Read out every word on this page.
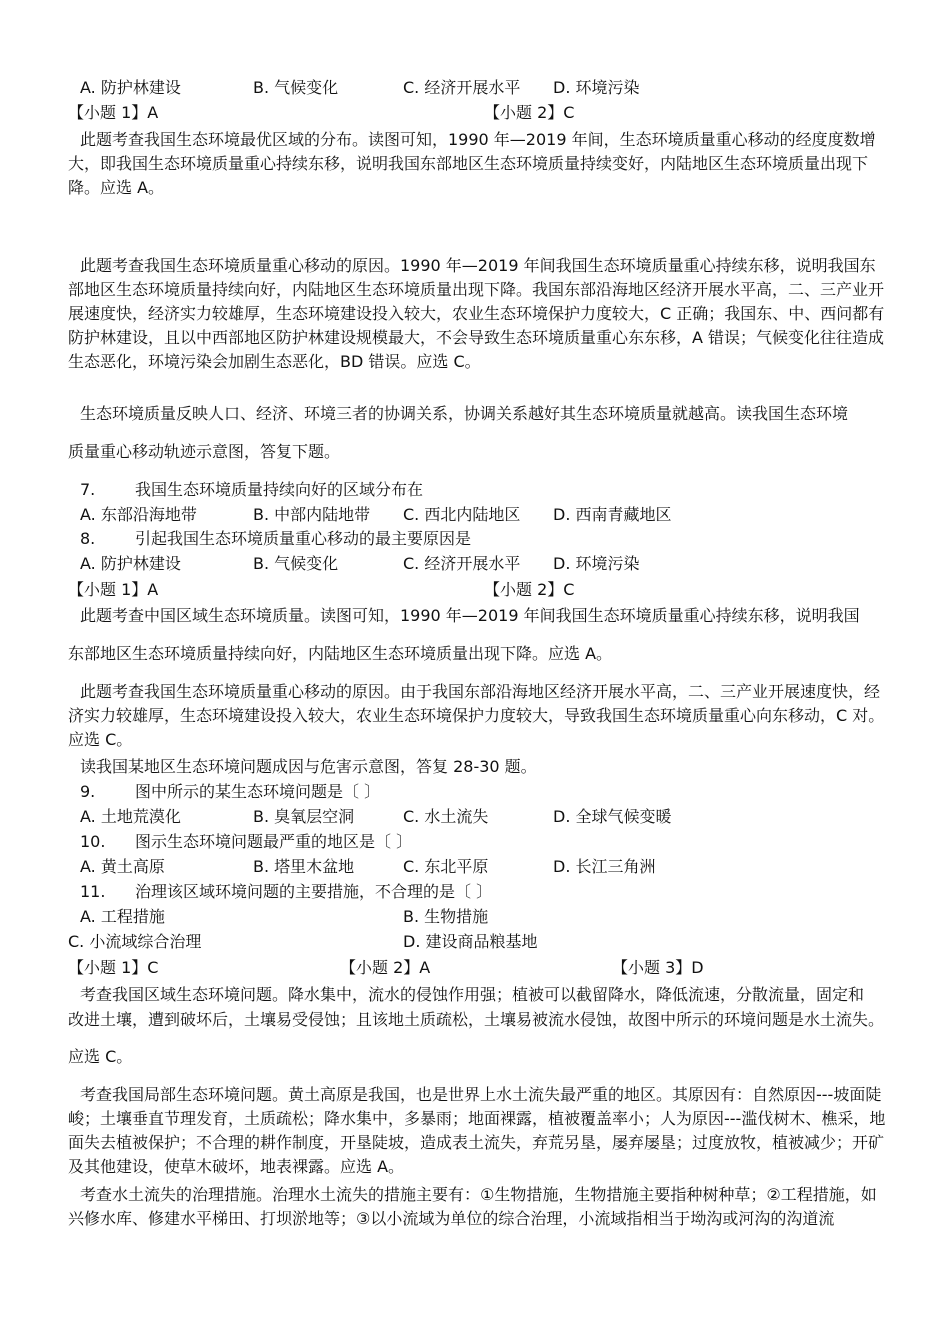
A. 防护林建设	B. 气候变化	C. 经济开展水平 D. 环境污染
【小题 1】A	【小题 2】C
此题考查我国生态环境最优区域的分布。读图可知，1990 年—2019 年间，生态环境质量重心移动的经度度数增大，即我国生态环境质量重心持续东移，说明我国东部地区生态环境质量持续变好，内陆地区生态环境质量出现下降。应选 A。
此题考查我国生态环境质量重心移动的原因。1990 年—2019 年间我国生态环境质量重心持续东移，说明我国东部地区生态环境质量持续向好，内陆地区生态环境质量出现下降。我国东部沿海地区经济开展水平高，二、三产业开展速度快，经济实力较雄厚，生态环境建设投入较大，农业生态环境保护力度较大，C 正确；我国东、中、西问都有防护林建设，且以中西部地区防护林建设规模最大，不会导致生态环境质量重心东东移，A 错误；气候变化往往造成生态恶化，环境污染会加剧生态恶化，BD 错误。应选 C。
生态环境质量反映人口、经济、环境三者的协调关系，协调关系越好其生态环境质量就越高。读我国生态环境
质量重心移动轨迹示意图，答复下题。
7. 我国生态环境质量持续向好的区域分布在
A. 东部沿海地带	B. 中部内陆地带 C. 西北内陆地区 D. 西南青藏地区
8. 引起我国生态环境质量重心移动的最主要原因是
A. 防护林建设	B. 气候变化	C. 经济开展水平 D. 环境污染
【小题 1】A	【小题 2】C
此题考查中国区域生态环境质量。读图可知，1990 年—2019 年间我国生态环境质量重心持续东移，说明我国
东部地区生态环境质量持续向好，内陆地区生态环境质量出现下降。应选 A。
此题考查我国生态环境质量重心移动的原因。由于我国东部沿海地区经济开展水平高，二、三产业开展速度快，经济实力较雄厚，生态环境建设投入较大，农业生态环境保护力度较大，导致我国生态环境质量重心向东移动，C 对。应选 C。
读我国某地区生态环境问题成因与危害示意图，答复 28-30 题。
9. 图中所示的某生态环境问题是〔 〕
A. 土地荒漠化	B. 臭氧层空洞	C. 水土流失	D. 全球气候变暖
10. 图示生态环境问题最严重的地区是〔 〕
A. 黄土高原	B. 塔里木盆地	C. 东北平原	D. 长江三角洲
11. 治理该区域环境问题的主要措施，不合理的是〔 〕
A. 工程措施	B. 生物措施
C. 小流域综合治理	D. 建设商品粮基地
【小题 1】C	【小题 2】A	【小题 3】D
考查我国区域生态环境问题。降水集中，流水的侵蚀作用强；植被可以截留降水，降低流速，分散流量，固定和
改进土壤，遭到破坏后，土壤易受侵蚀；且该地土质疏松，土壤易被流水侵蚀，故图中所示的环境问题是水土流失。
应选 C。
考查我国局部生态环境问题。黄土高原是我国，也是世界上水土流失最严重的地区。其原因有：自然原因---坡面陡峻；土壤垂直节理发育，土质疏松；降水集中，多暴雨；地面裸露，植被覆盖率小；人为原因---滥伐树木、樵采，地面失去植被保护；不合理的耕作制度，开垦陡坡，造成表土流失，弃荒另垦，屡弃屡垦；过度放牧，植被减少；开矿及其他建设，使草木破坏，地表裸露。应选 A。
考查水土流失的治理措施。治理水土流失的措施主要有：①生物措施，生物措施主要指种树种草；②工程措施，如兴修水库、修建水平梯田、打坝淤地等；③以小流域为单位的综合治理，小流域指相当于坳沟或河沟的沟道流
